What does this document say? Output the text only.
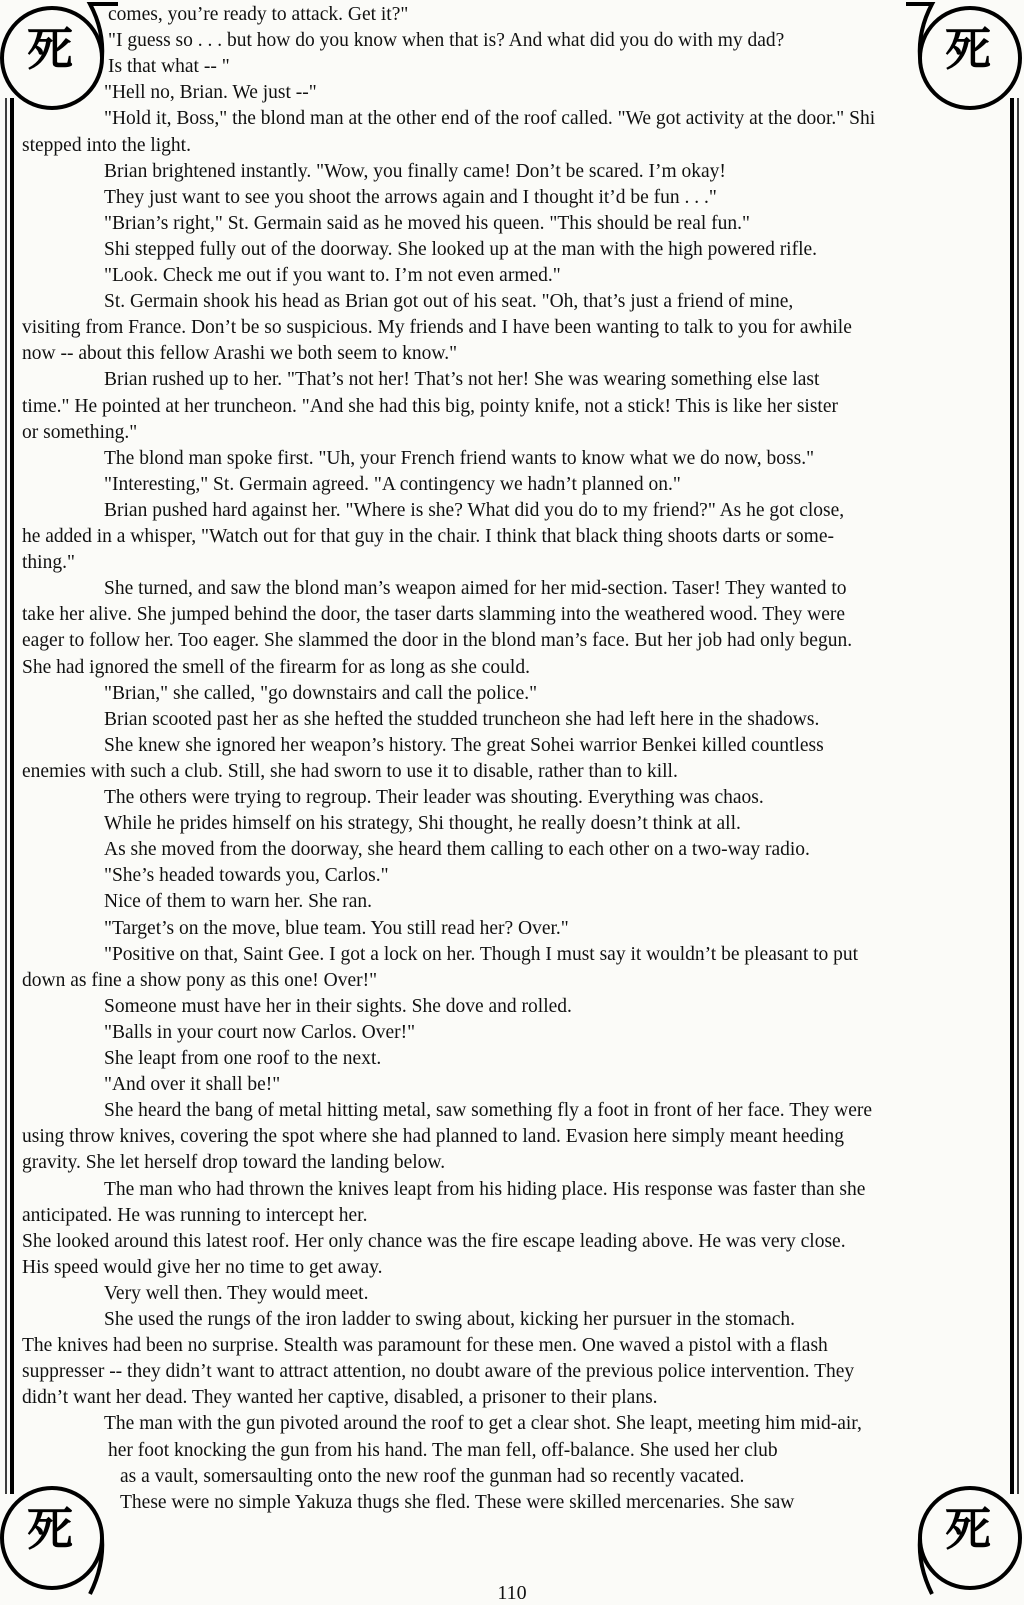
死	死
死	死
comes, you’re ready to attack. Get it?"
"I guess so . . . but how do you know when that is? And what did you do with my dad?
Is that what -- "
"Hell no, Brian. We just --"
"Hold it, Boss," the blond man at the other end of the roof called. "We got activity at the door." Shi
stepped into the light.
Brian brightened instantly. "Wow, you finally came! Don’t be scared. I’m okay!
They just want to see you shoot the arrows again and I thought it’d be fun . . ."
"Brian’s right," St. Germain said as he moved his queen. "This should be real fun."
Shi stepped fully out of the doorway. She looked up at the man with the high powered rifle.
"Look. Check me out if you want to. I’m not even armed."
St. Germain shook his head as Brian got out of his seat. "Oh, that’s just a friend of mine,
visiting from France. Don’t be so suspicious. My friends and I have been wanting to talk to you for awhile
now -- about this fellow Arashi we both seem to know."
Brian rushed up to her. "That’s not her! That’s not her! She was wearing something else last
time." He pointed at her truncheon. "And she had this big, pointy knife, not a stick! This is like her sister
or something."
The blond man spoke first. "Uh, your French friend wants to know what we do now, boss."
"Interesting," St. Germain agreed. "A contingency we hadn’t planned on."
Brian pushed hard against her. "Where is she? What did you do to my friend?" As he got close,
he added in a whisper, "Watch out for that guy in the chair. I think that black thing shoots darts or some-
thing."
She turned, and saw the blond man’s weapon aimed for her mid-section. Taser! They wanted to
take her alive. She jumped behind the door, the taser darts slamming into the weathered wood. They were
eager to follow her. Too eager. She slammed the door in the blond man’s face. But her job had only begun.
She had ignored the smell of the firearm for as long as she could.
"Brian," she called, "go downstairs and call the police."
Brian scooted past her as she hefted the studded truncheon she had left here in the shadows.
She knew she ignored her weapon’s history. The great Sohei warrior Benkei killed countless
enemies with such a club. Still, she had sworn to use it to disable, rather than to kill.
The others were trying to regroup. Their leader was shouting. Everything was chaos.
While he prides himself on his strategy, Shi thought, he really doesn’t think at all.
As she moved from the doorway, she heard them calling to each other on a two-way radio.
"She’s headed towards you, Carlos."
Nice of them to warn her. She ran.
"Target’s on the move, blue team. You still read her? Over."
"Positive on that, Saint Gee. I got a lock on her. Though I must say it wouldn’t be pleasant to put
down as fine a show pony as this one! Over!"
Someone must have her in their sights. She dove and rolled.
"Balls in your court now Carlos. Over!"
She leapt from one roof to the next.
"And over it shall be!"
She heard the bang of metal hitting metal, saw something fly a foot in front of her face. They were
using throw knives, covering the spot where she had planned to land. Evasion here simply meant heeding
gravity. She let herself drop toward the landing below.
The man who had thrown the knives leapt from his hiding place. His response was faster than she
anticipated. He was running to intercept her.
She looked around this latest roof. Her only chance was the fire escape leading above. He was very close.
His speed would give her no time to get away.
Very well then. They would meet.
She used the rungs of the iron ladder to swing about, kicking her pursuer in the stomach.
The knives had been no surprise. Stealth was paramount for these men. One waved a pistol with a flash
suppresser -- they didn’t want to attract attention, no doubt aware of the previous police intervention. They
didn’t want her dead. They wanted her captive, disabled, a prisoner to their plans.
The man with the gun pivoted around the roof to get a clear shot. She leapt, meeting him mid-air,
her foot knocking the gun from his hand. The man fell, off-balance. She used her club
as a vault, somersaulting onto the new roof the gunman had so recently vacated.
These were no simple Yakuza thugs she fled. These were skilled mercenaries. She saw
110
